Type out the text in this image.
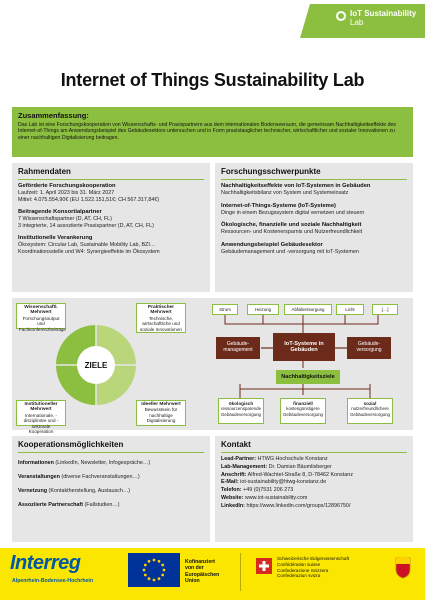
IoT Sustainability
Lab
Internet of Things Sustainability Lab
Zusammenfassung:

Das Lab ist eine Forschungskooperation von Wissenschafts- und Praxispartnern aus dem internationalen Bodenseeraum, die gemeinsam Nachhaltigkeitseffekte des Internet-of-Things am Anwendungsbeispiel des Gebäudesektors untersuchen und in Form praxistauglicher technischer, wirtschaftlicher und sozialer Innovationen zu einer nachhaltigen Digitalisierung beitragen.

Rahmendaten
Geförderte Forschungskooperation
Laufzeit: 1. April 2023 bis 31. März 2027
Mittel: 4.075.554,90€ (EU 1.522.151,51€; CH 567.317,84€)
Beitragende Konsortialpartner
7 Wissenschaftspartner (D, AT, CH, FL)
3 integrierte, 14 assoziierte Praxispartner (D, AT, CH, FL)
Institutionelle Verankerung
Ökosystem: Circular Lab, Sustainable Mobility Lab, BZI…
Koordinationsstelle und W4: Synergieeffekte im Ökosystem
Forschungsschwerpunkte
Nachhaltigkeitseffekte von IoT-Systemen in Gebäuden
Nachhaltigkeitsbilanz von System und Systemeinsatz
Internet-of-Things-Systeme (IoT-Systeme)
Dinge in einem Bezugssystem digital vernetzen und steuern
Ökologische, finanzielle und soziale Nachhaltigkeit
Ressourcen- und Kostenersparnis und Nutzerfreundlichkeit
Anwendungsbeispiel Gebäudesektor
Gebäudemanagement und -versorgung mit IoT-Systemen
ZIELE
Wissenschaftl. Mehrwert
Forschungsoutput und Fachkonferenzbeiträge
Praktischer Mehrwert
Technische, wirtschaftliche und soziale Innovationen
Institutioneller Mehrwert
Internationale, -disziplinäre und -sektorale Kooperation
Ideeller Mehrwert
Bewusstsein für nachhaltige Digitalisierung
Strom	Heizung	Abfallentsorgung	Licht	[…]
Gebäude-management
IoT-Systeme in Gebäuden
Gebäude-versorgung
Nachhaltigkeitsziele
ökologisch
ressourcensparende Gebäudeversorgung
finanziell
kostengünstigere Gebäudeversorgung
sozial
nutzerfreundlichere Gebäudeversorgung
Kooperationsmöglichkeiten
Informationen (LinkedIn, Newsletter, Infogespräche…)
Veranstaltungen (diverse Fachveranstaltungen…)
Vernetzung (Kontaktherstellung, Austausch…)
Assoziierte Partnerschaft (Fallstudien…)
Kontakt
Lead-Partner: HTWG Hochschule Konstanz
Lab-Management: Dr. Damian Bäumlisberger
Anschrift: Alfred-Wachtel-Straße 8, D-78462 Konstanz
E-Mail: iot-sustainability@htwg-konstanz.de
Telefon: +49 (0)7531 206 273
Website: www.iot-sustainability.com
LinkedIn: https://www.linkedin.com/groups/12896750/
Interreg
Alpenrhein-Bodensee-Hochrhein
Kofinanziert
von der
Europäischen
Union
Schweizerische Eidgenossenschaft
Confédération suisse
Confederazione Svizzera
Confederaziun svizra
